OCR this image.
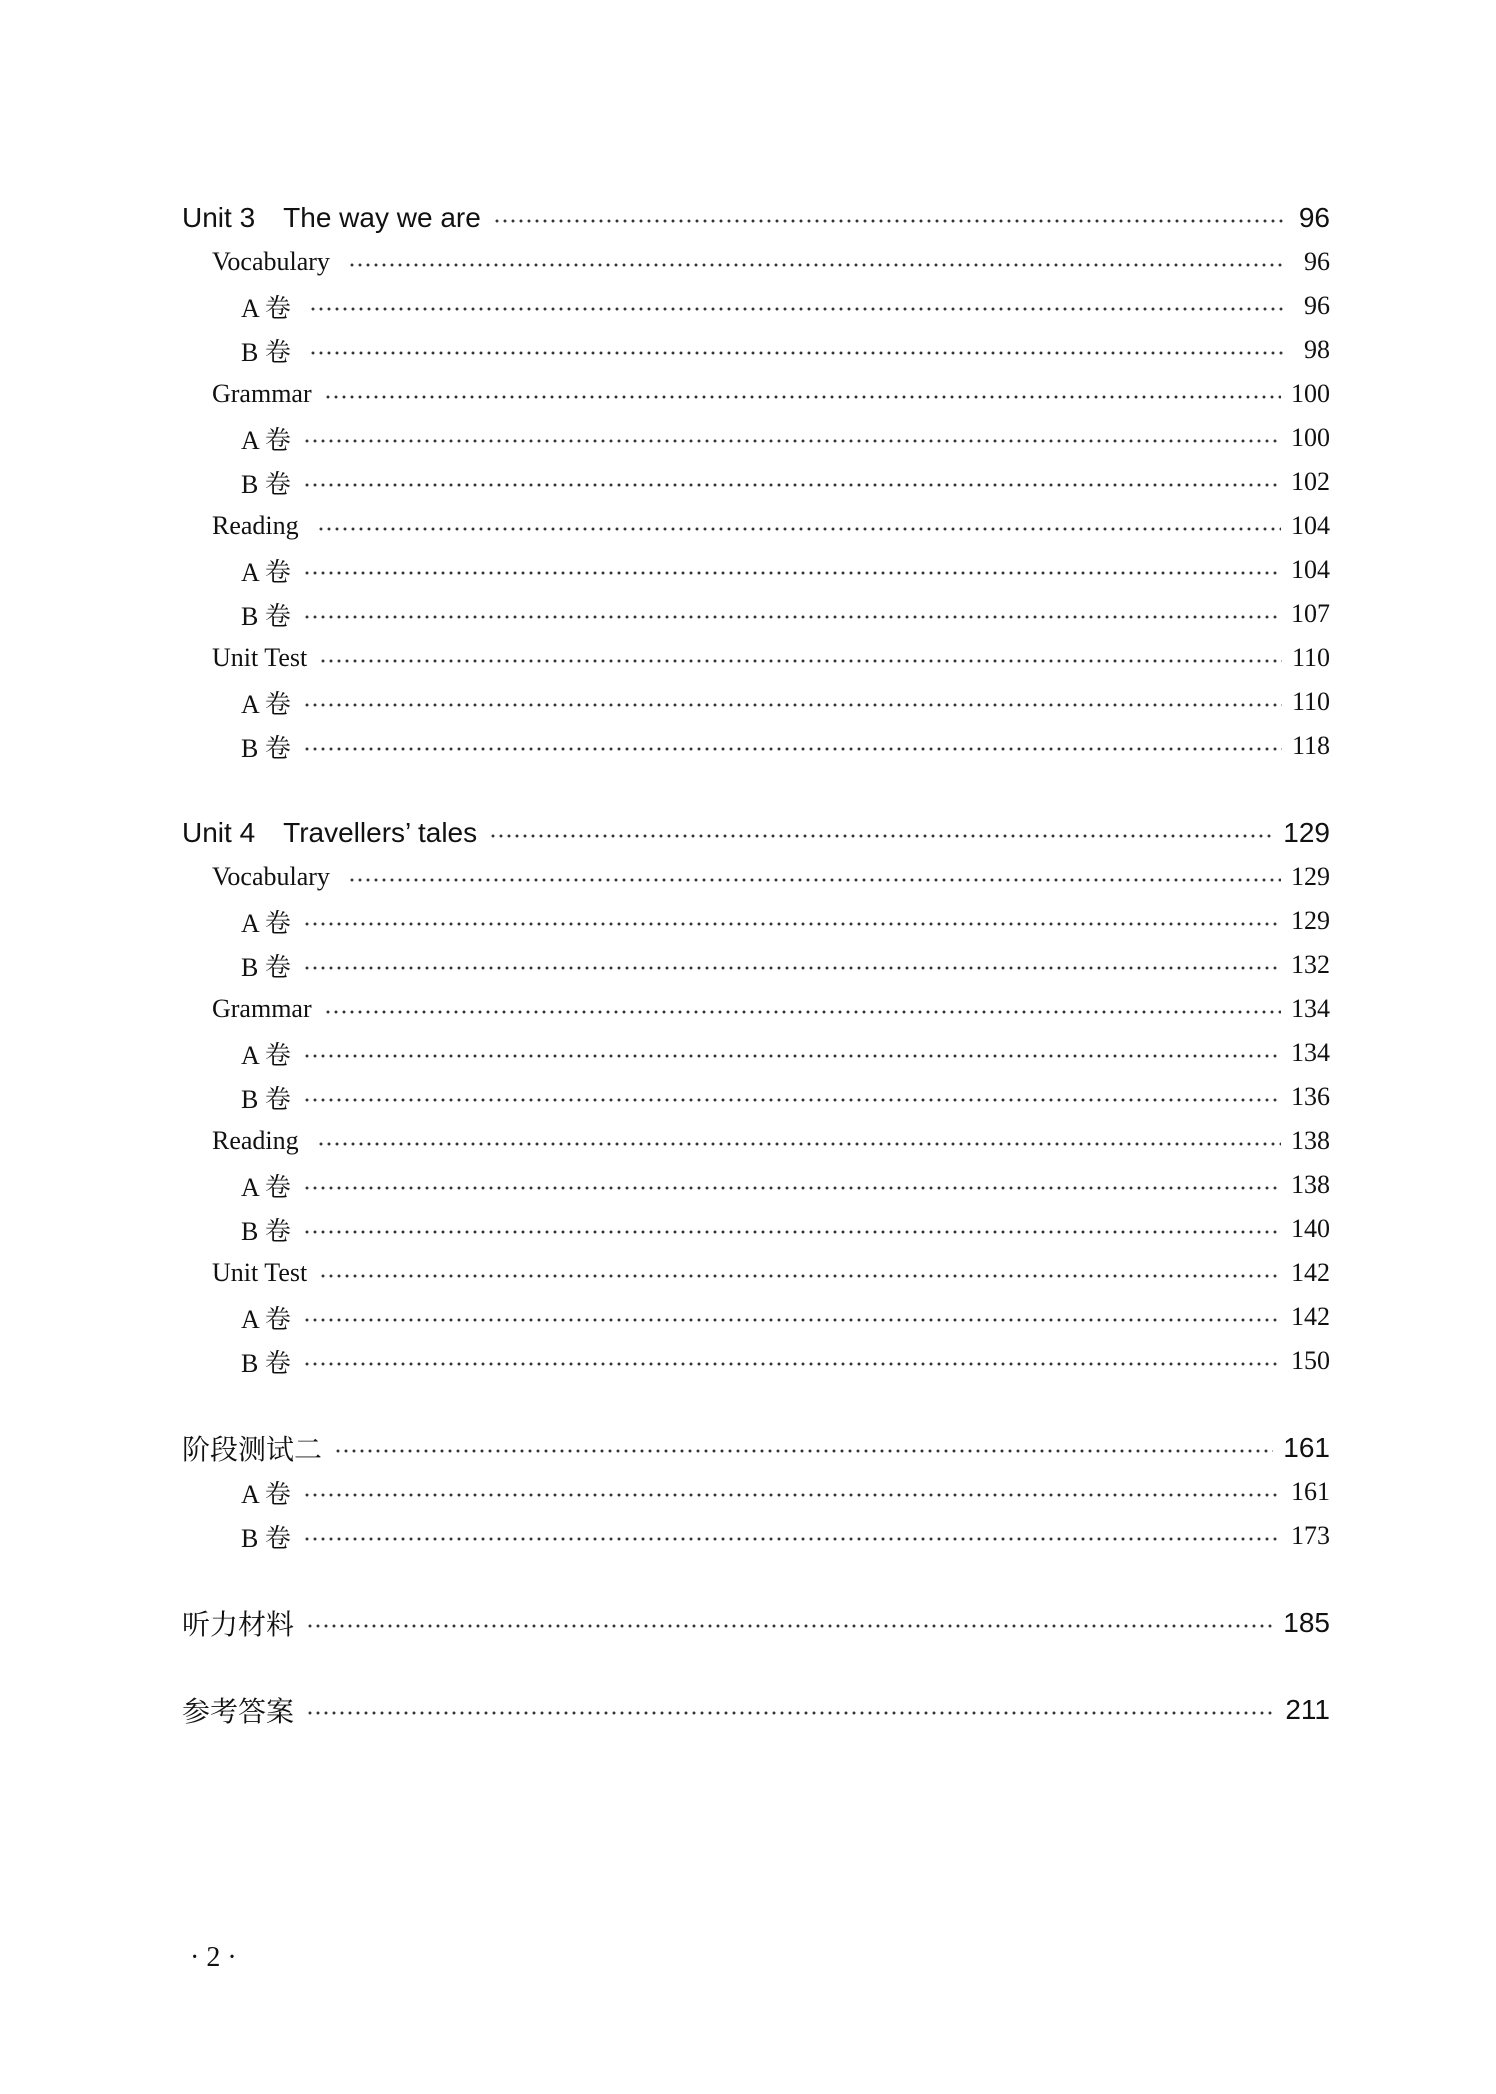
Unit 3 The way we are	96
Vocabulary	96
A 卷	96
B 卷	98
Grammar	100
A 卷	100
B 卷	102
Reading	104
A 卷	104
B 卷	107
Unit Test	110
A 卷	110
B 卷	118
Unit 4 Travellers’ tales	129
Vocabulary	129
A 卷	129
B 卷	132
Grammar	134
A 卷	134
B 卷	136
Reading	138
A 卷	138
B 卷	140
Unit Test	142
A 卷	142
B 卷	150
阶段测试二	161
A 卷	161
B 卷	173
听力材料	185
参考答案	211
· 2 ·
